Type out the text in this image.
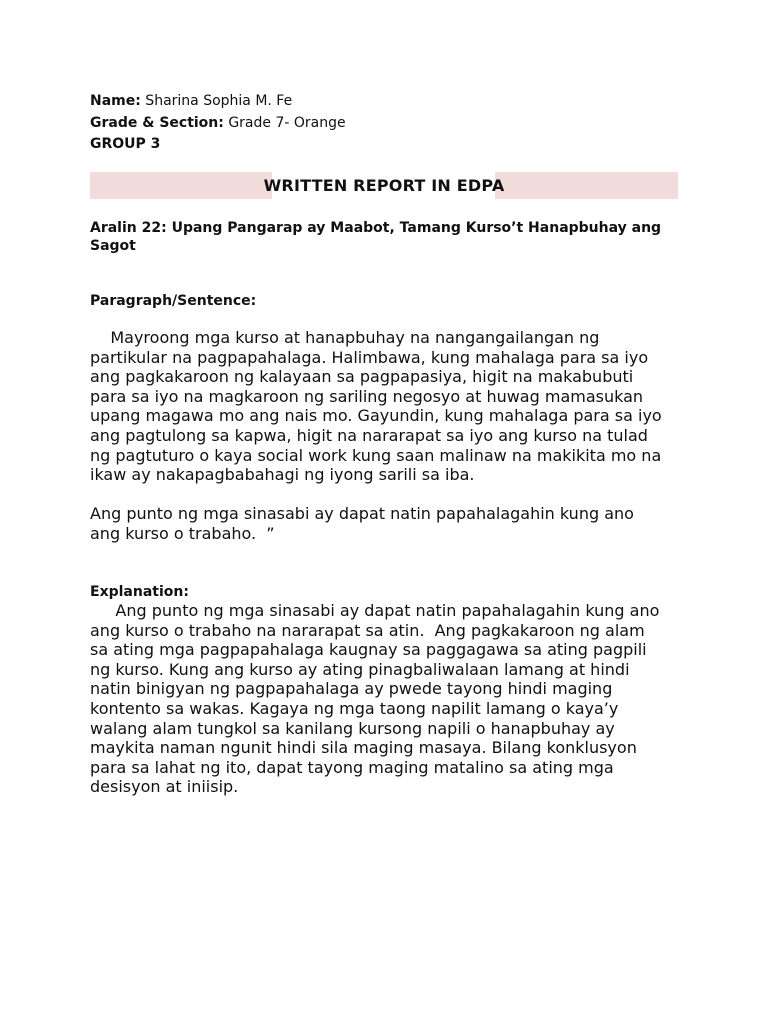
Name: Sharina Sophia M. Fe
Grade & Section: Grade 7- Orange
GROUP 3
WRITTEN REPORT IN EDPA
Aralin 22: Upang Pangarap ay Maabot, Tamang Kurso’t Hanapbuhay ang Sagot
Paragraph/Sentence:
Mayroong mga kurso at hanapbuhay na nangangailangan ng
partikular na pagpapahalaga. Halimbawa, kung mahalaga para sa iyo
ang pagkakaroon ng kalayaan sa pagpapasiya, higit na makabubuti
para sa iyo na magkaroon ng sariling negosyo at huwag mamasukan
upang magawa mo ang nais mo. Gayundin, kung mahalaga para sa iyo
ang pagtulong sa kapwa, higit na nararapat sa iyo ang kurso na tulad
ng pagtuturo o kaya social work kung saan malinaw na makikita mo na
ikaw ay nakapagbabahagi ng iyong sarili sa iba.
Ang punto ng mga sinasabi ay dapat natin papahalagahin kung ano
ang kurso o trabaho.  ”
Explanation:
Ang punto ng mga sinasabi ay dapat natin papahalagahin kung ano
ang kurso o trabaho na nararapat sa atin.  Ang pagkakaroon ng alam
sa ating mga pagpapahalaga kaugnay sa paggagawa sa ating pagpili
ng kurso. Kung ang kurso ay ating pinagbaliwalaan lamang at hindi
natin binigyan ng pagpapahalaga ay pwede tayong hindi maging
kontento sa wakas. Kagaya ng mga taong napilit lamang o kaya’y
walang alam tungkol sa kanilang kursong napili o hanapbuhay ay
maykita naman ngunit hindi sila maging masaya. Bilang konklusyon
para sa lahat ng ito, dapat tayong maging matalino sa ating mga
desisyon at iniisip.
